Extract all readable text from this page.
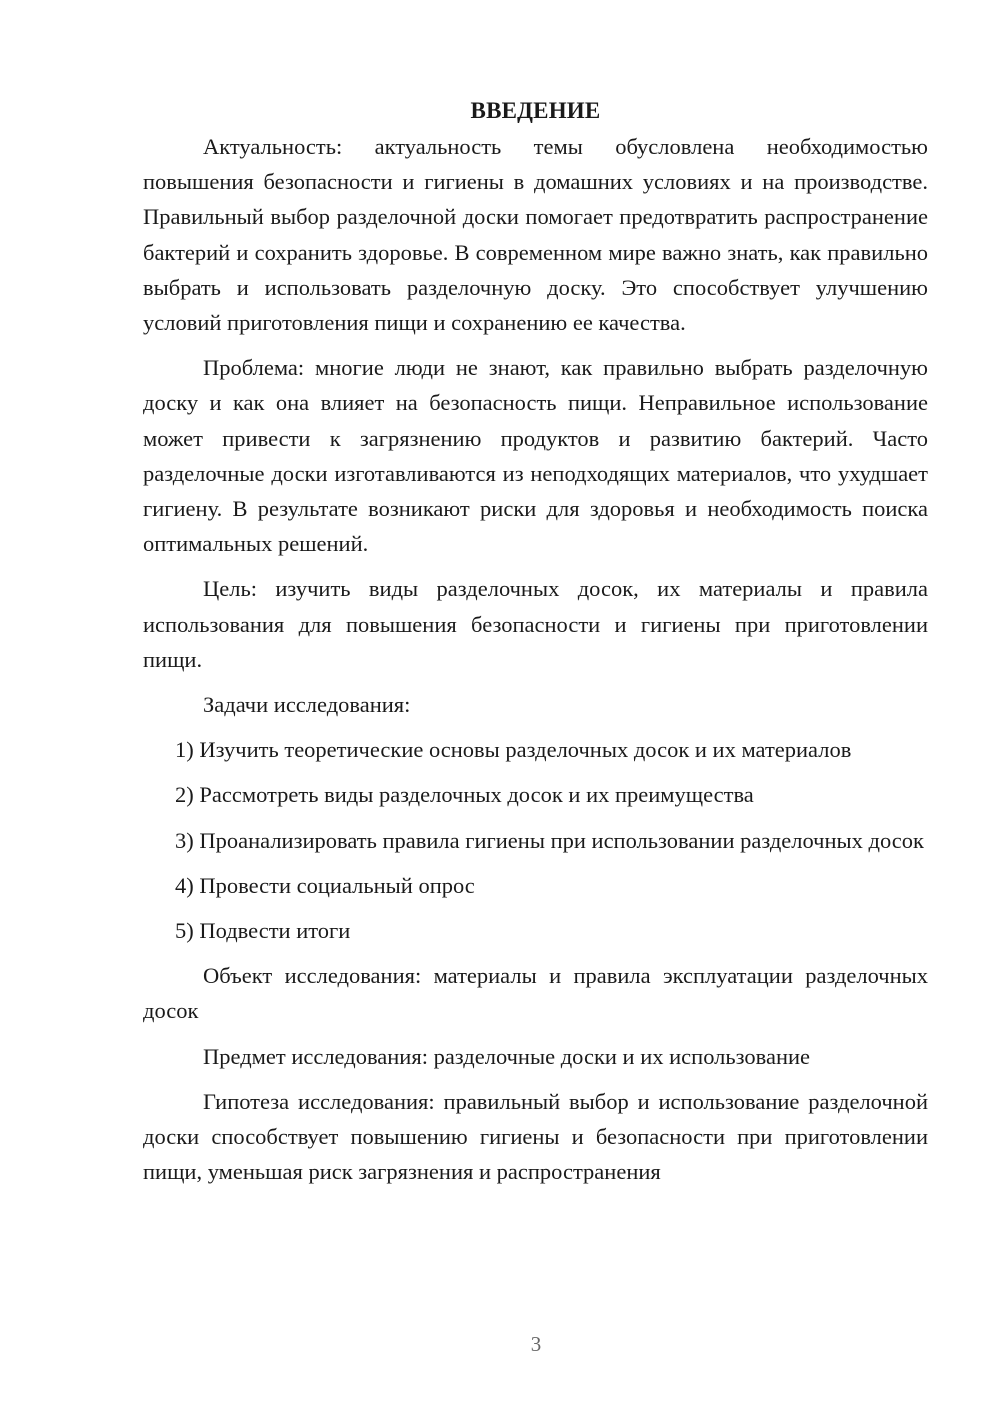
ВВЕДЕНИЕ

Актуальность: актуальность темы обусловлена необходимостью повышения безопасности и гигиены в домашних условиях и на производстве. Правильный выбор разделочной доски помогает предотвратить распространение бактерий и сохранить здоровье. В современном мире важно знать, как правильно выбрать и использовать разделочную доску. Это способствует улучшению условий приготовления пищи и сохранению ее качества.

Проблема: многие люди не знают, как правильно выбрать разделочную доску и как она влияет на безопасность пищи. Неправильное использование может привести к загрязнению продуктов и развитию бактерий. Часто разделочные доски изготавливаются из неподходящих материалов, что ухудшает гигиену. В результате возникают риски для здоровья и необходимость поиска оптимальных решений.

Цель: изучить виды разделочных досок, их материалы и правила использования для повышения безопасности и гигиены при приготовлении пищи.

Задачи исследования:

1) Изучить теоретические основы разделочных досок и их материалов

2) Рассмотреть виды разделочных досок и их преимущества

3) Проанализировать правила гигиены при использовании разделочных досок

4) Провести социальный опрос

5) Подвести итоги

Объект исследования: материалы и правила эксплуатации разделочных досок

Предмет исследования: разделочные доски и их использование

Гипотеза исследования: правильный выбор и использование разделочной доски способствует повышению гигиены и безопасности при приготовлении пищи, уменьшая риск загрязнения и распространения

3
